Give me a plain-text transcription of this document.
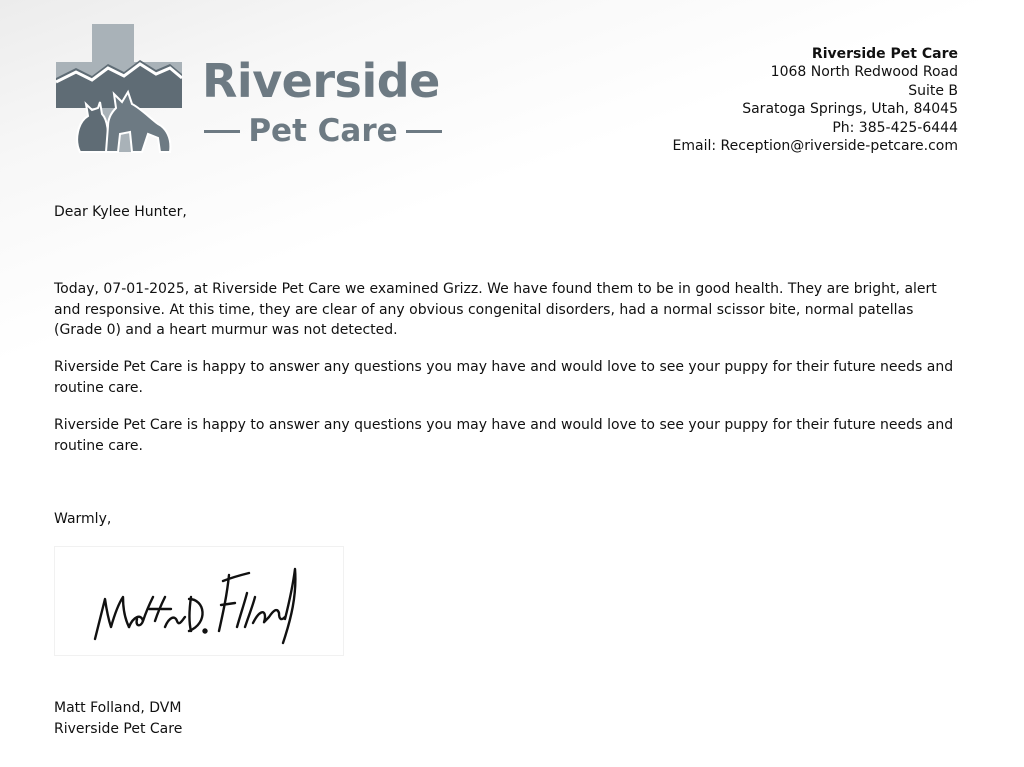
Riverside
Pet Care
Riverside Pet Care
1068 North Redwood Road
Suite B
Saratoga Springs, Utah, 84045
Ph: 385-425-6444
Email: Reception@riverside-petcare.com

Dear Kylee Hunter,

Today, 07-01-2025, at Riverside Pet Care we examined Grizz. We have found them to be in good health. They are bright, alert and responsive. At this time, they are clear of any obvious congenital disorders, had a normal scissor bite, normal patellas (Grade 0) and a heart murmur was not detected.

Riverside Pet Care is happy to answer any questions you may have and would love to see your puppy for their future needs and routine care.

Riverside Pet Care is happy to answer any questions you may have and would love to see your puppy for their future needs and routine care.

Warmly,

Matt Folland, DVM
Riverside Pet Care
